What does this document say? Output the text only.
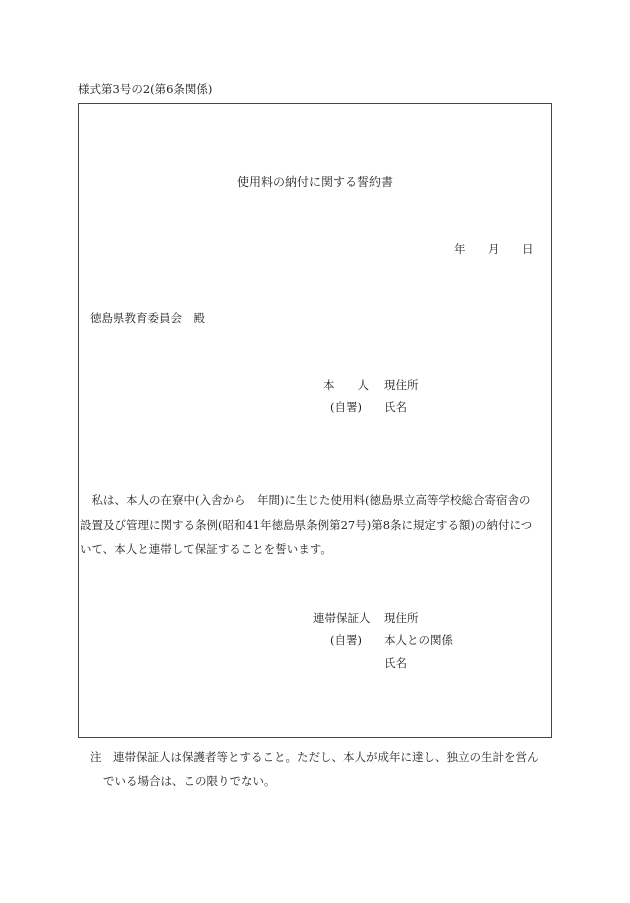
様式第3号の2(第6条関係)
使用料の納付に関する誓約書
年 月 日
徳島県教育委員会　殿
本　　人 現住所
(自署) 氏名
　私は、本人の在寮中(入舎から　年間)に生じた使用料(徳島県立高等学校総合寄宿舎の
設置及び管理に関する条例(昭和41年徳島県条例第27号)第8条に規定する額)の納付につ
いて、本人と連帯して保証することを誓います。
連帯保証人 現住所
(自署) 本人との関係
氏名
注　連帯保証人は保護者等とすること。ただし、本人が成年に達し、独立の生計を営ん
でいる場合は、この限りでない。
